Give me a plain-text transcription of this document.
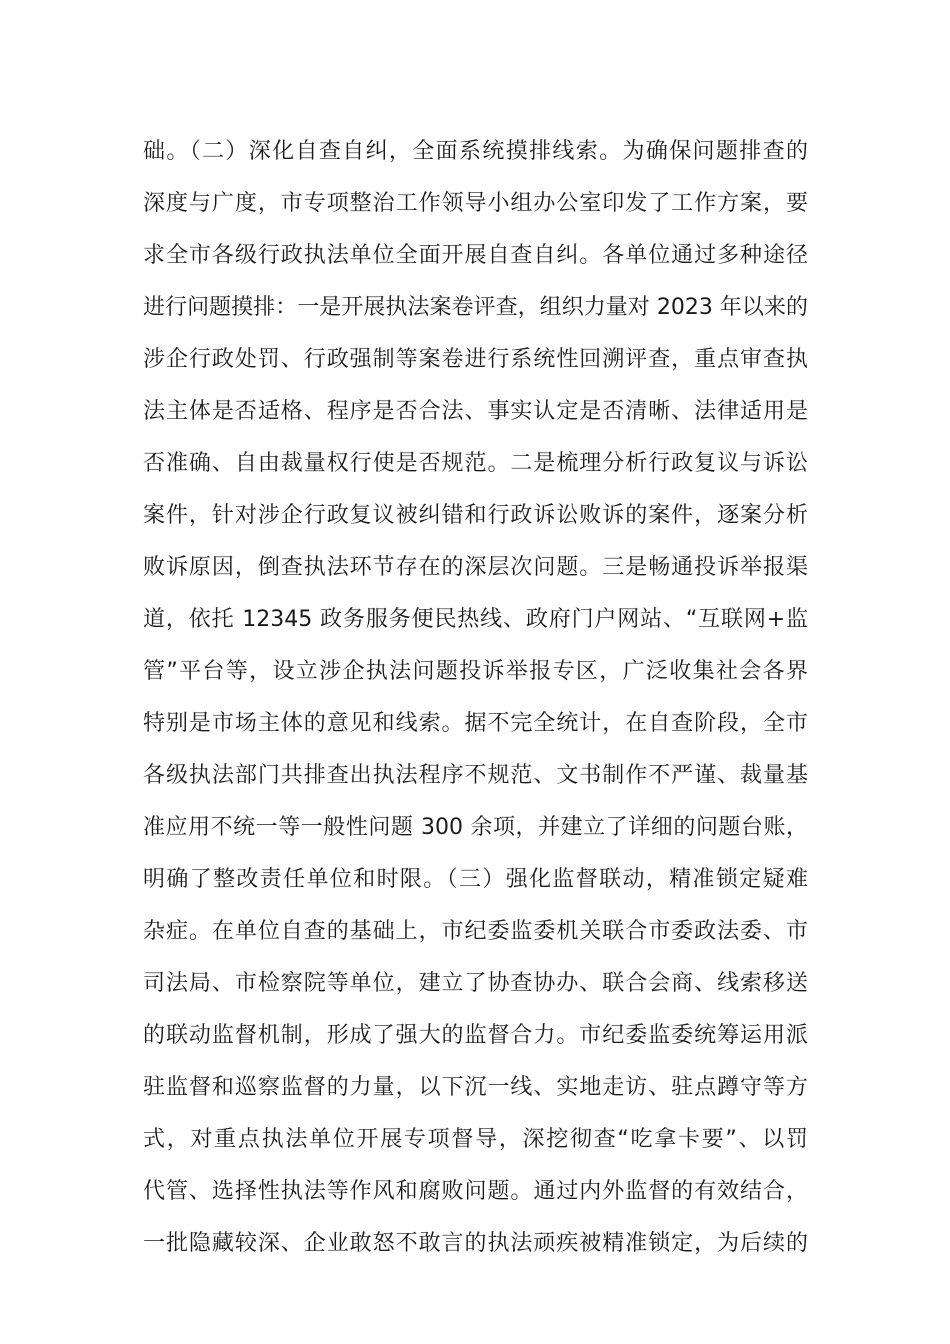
础。（二）深化自查自纠，全面系统摸排线索。为确保问题排查的
深度与广度，市专项整治工作领导小组办公室印发了工作方案，要
求全市各级行政执法单位全面开展自查自纠。各单位通过多种途径
进行问题摸排：一是开展执法案卷评查，组织力量对 2023 年以来的
涉企行政处罚、行政强制等案卷进行系统性回溯评查，重点审查执
法主体是否适格、程序是否合法、事实认定是否清晰、法律适用是
否准确、自由裁量权行使是否规范。二是梳理分析行政复议与诉讼
案件，针对涉企行政复议被纠错和行政诉讼败诉的案件，逐案分析
败诉原因，倒查执法环节存在的深层次问题。三是畅通投诉举报渠
道，依托 12345 政务服务便民热线、政府门户网站、“互联网+监
管”平台等，设立涉企执法问题投诉举报专区，广泛收集社会各界
特别是市场主体的意见和线索。据不完全统计，在自查阶段，全市
各级执法部门共排查出执法程序不规范、文书制作不严谨、裁量基
准应用不统一等一般性问题 300 余项，并建立了详细的问题台账，
明确了整改责任单位和时限。（三）强化监督联动，精准锁定疑难
杂症。在单位自查的基础上，市纪委监委机关联合市委政法委、市
司法局、市检察院等单位，建立了协查协办、联合会商、线索移送
的联动监督机制，形成了强大的监督合力。市纪委监委统筹运用派
驻监督和巡察监督的力量，以下沉一线、实地走访、驻点蹲守等方
式，对重点执法单位开展专项督导，深挖彻查“吃拿卡要”、以罚
代管、选择性执法等作风和腐败问题。通过内外监督的有效结合，
一批隐藏较深、企业敢怒不敢言的执法顽疾被精准锁定，为后续的
